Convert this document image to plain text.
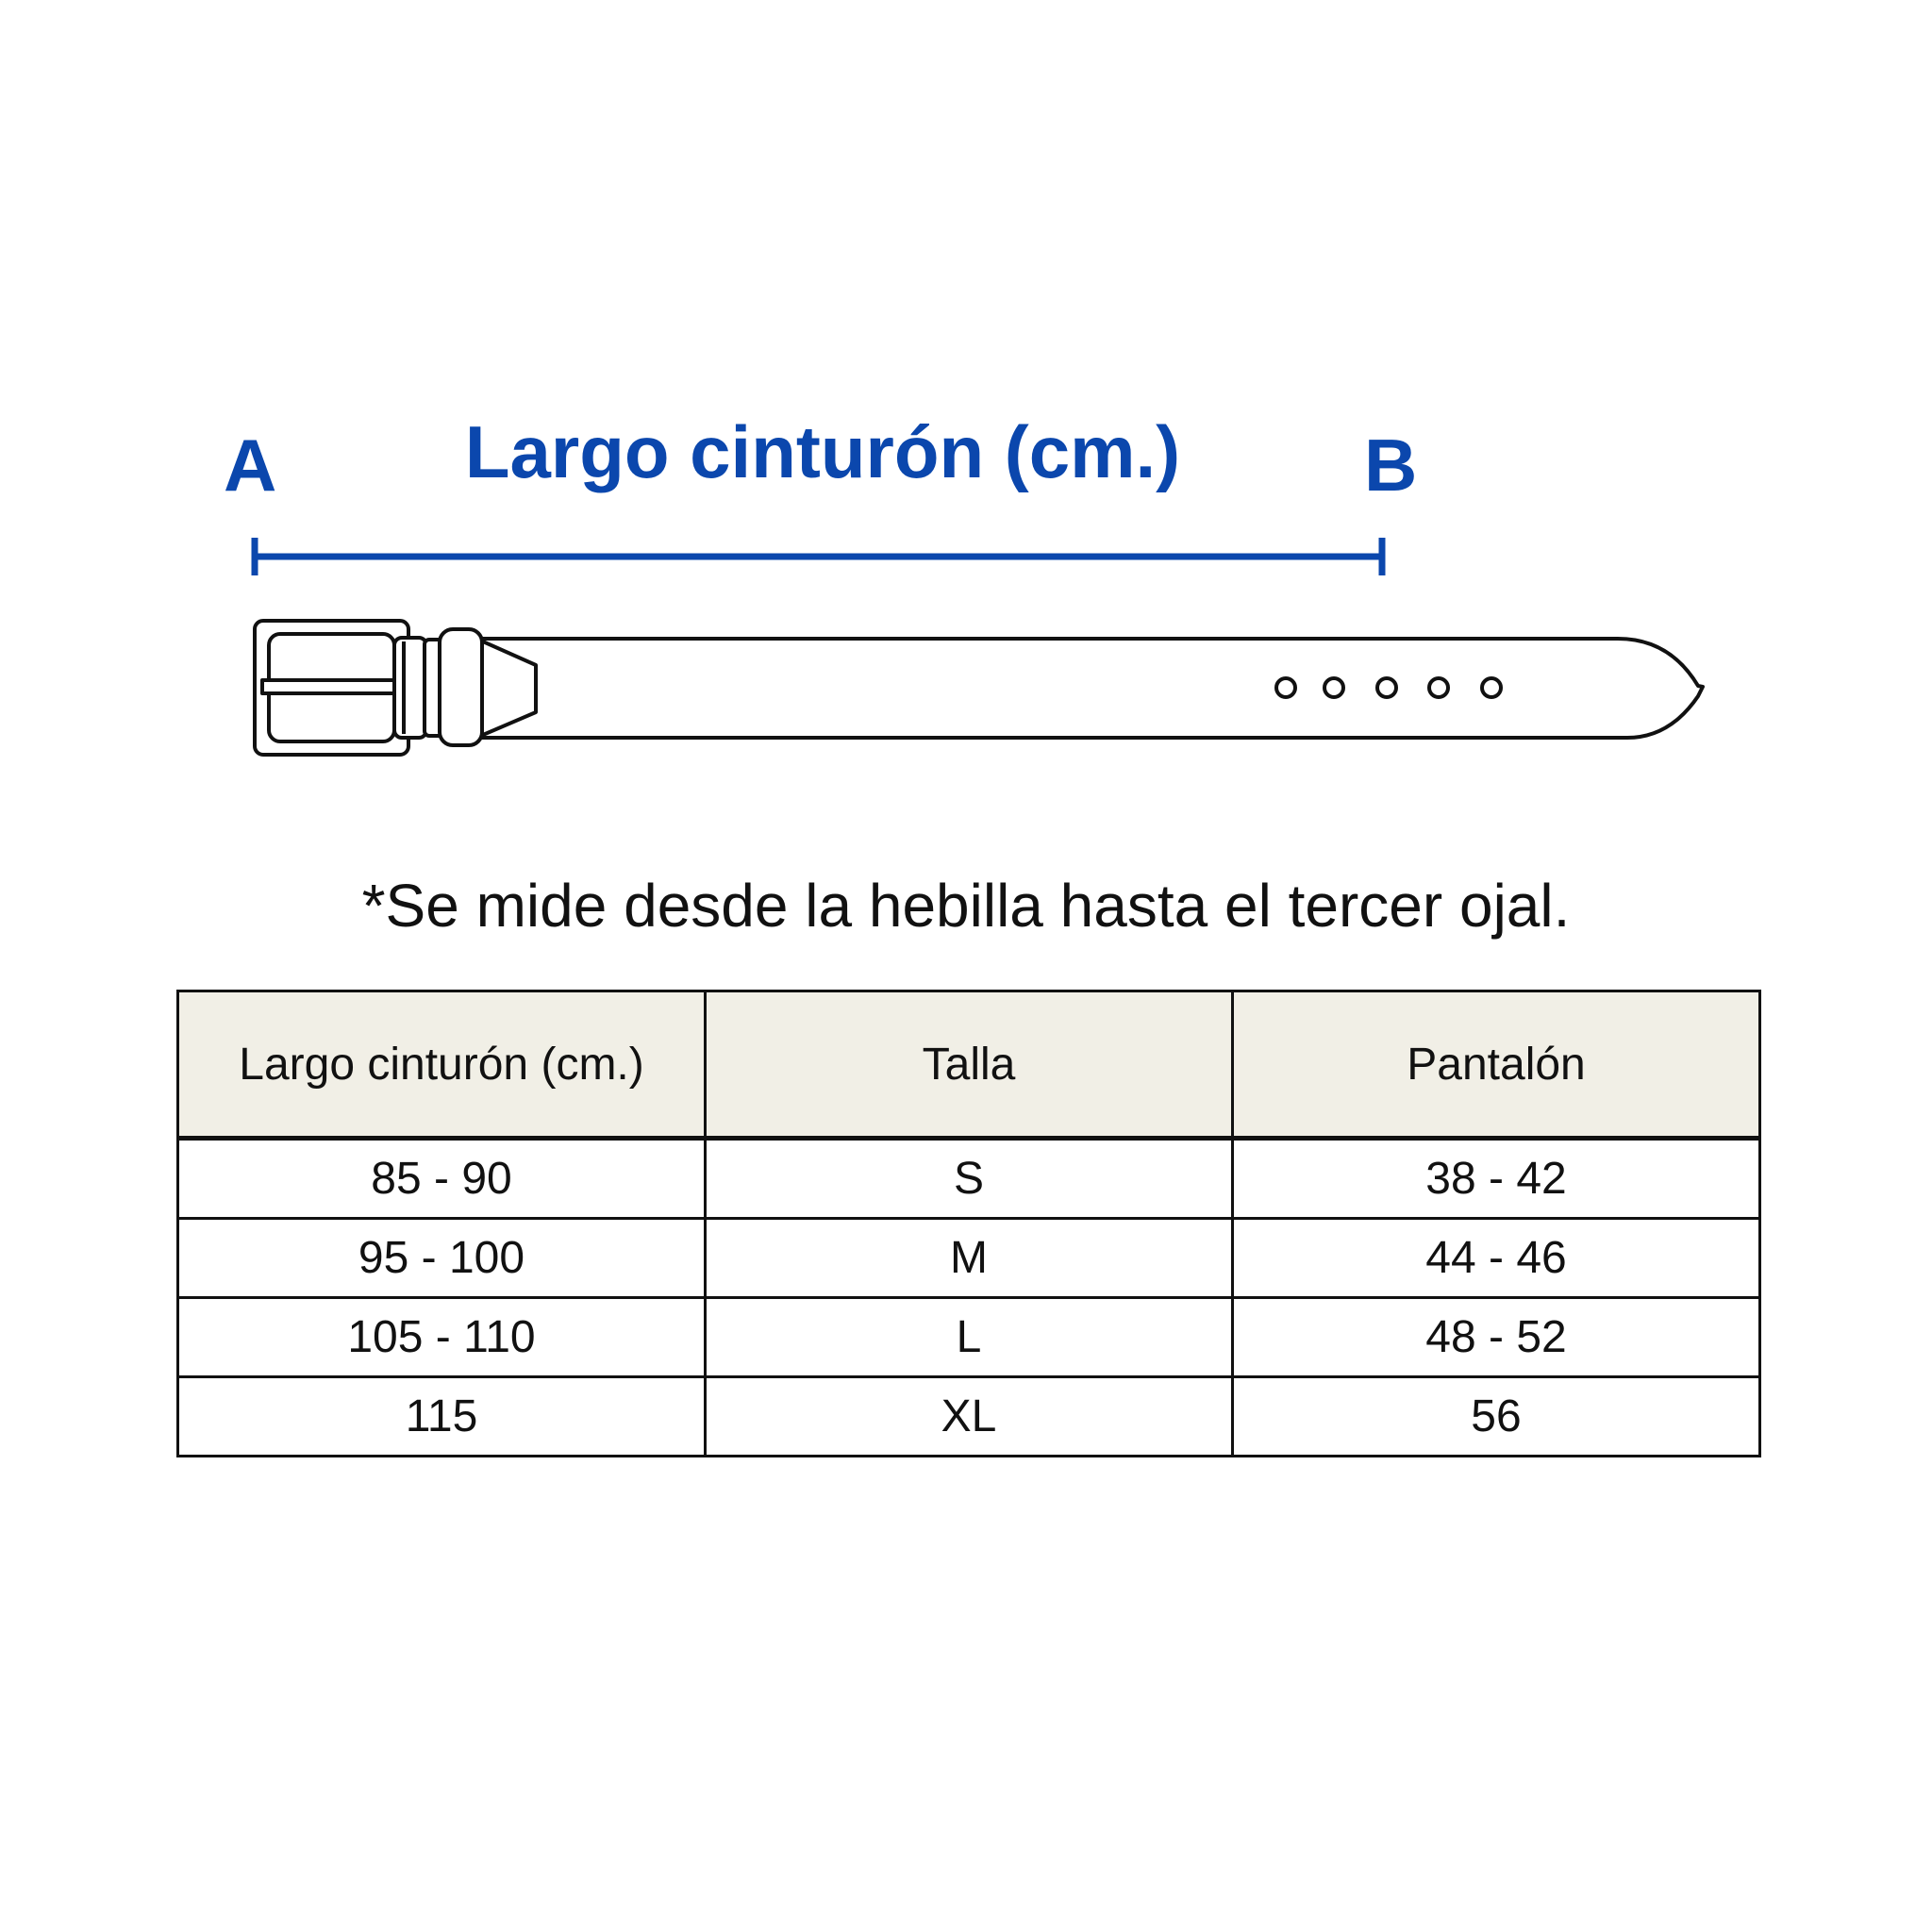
A	Largo cinturón (cm.)	B
*Se mide desde la hebilla hasta el tercer ojal.
Largo cinturón (cm.)	Talla	Pantalón
85 - 90	S	38 - 42
95 - 100	M	44 - 46
105 - 110	L	48 - 52
115	XL	56
